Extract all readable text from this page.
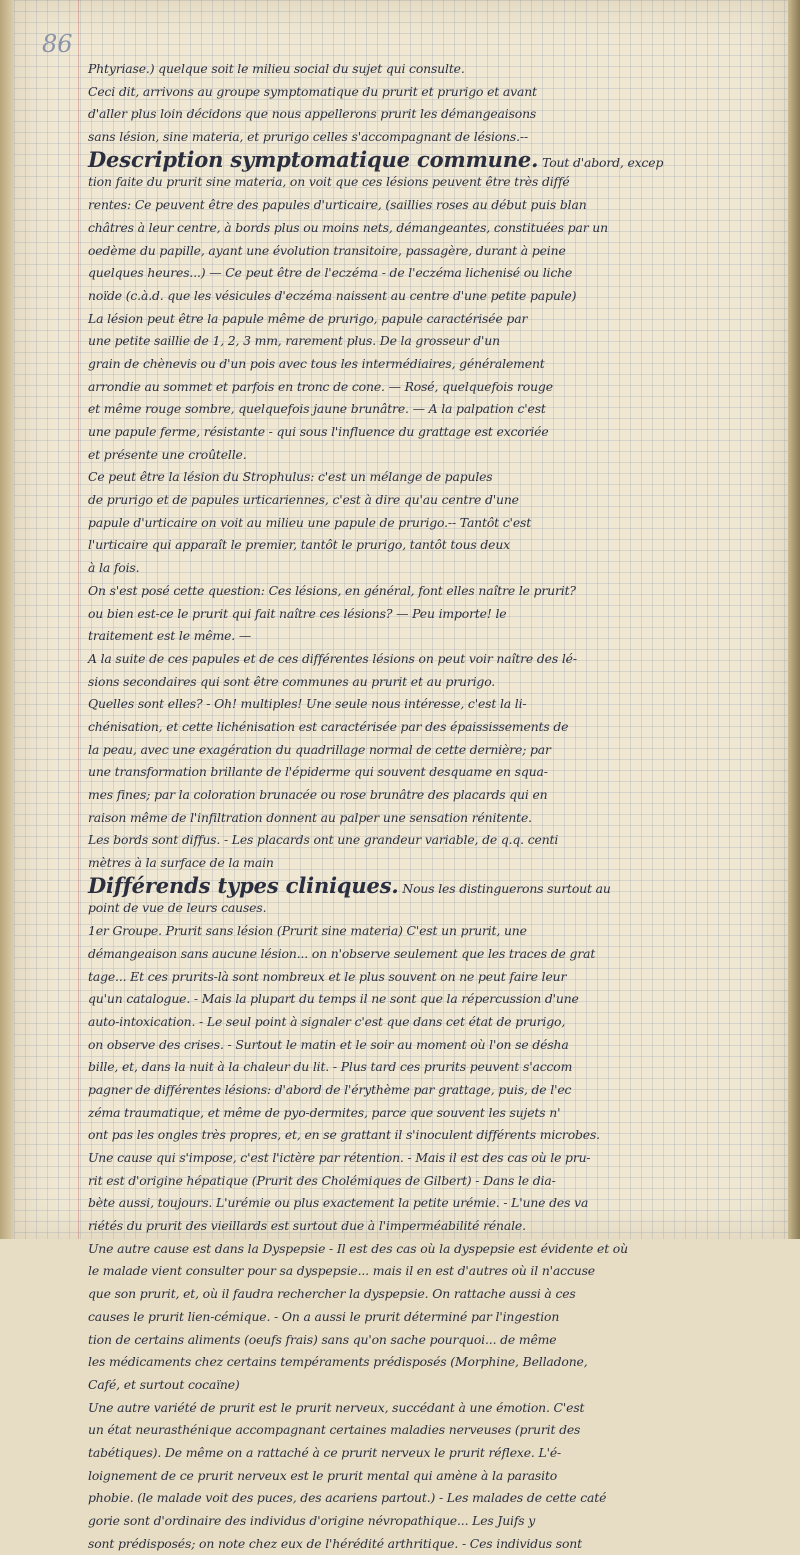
86
Phtyriase.) quelque soit le milieu social du sujet qui consulte.
Ceci dit, arrivons au groupe symptomatique du prurit et prurigo et avant
d'aller plus loin décidons que nous appellerons prurit les démangeaisons
sans lésion, sine materia, et prurigo celles s'accompagnant de lésions.--
Description symptomatique commune. Tout d'abord, excep
tion faite du prurit sine materia, on voit que ces lésions peuvent être très diffé
rentes: Ce peuvent être des papules d'urticaire, (saillies roses au début puis blan
châtres à leur centre, à bords plus ou moins nets, démangeantes, constituées par un
oedème du papille, ayant une évolution transitoire, passagère, durant à peine
quelques heures...) — Ce peut être de l'eczéma - de l'eczéma lichenisé ou liche
noïde (c.à.d. que les vésicules d'eczéma naissent au centre d'une petite papule)
La lésion peut être la papule même de prurigo, papule caractérisée par
une petite saillie de 1, 2, 3 mm, rarement plus. De la grosseur d'un
grain de chènevis ou d'un pois avec tous les intermédiaires, généralement
arrondie au sommet et parfois en tronc de cone. — Rosé, quelquefois rouge
et même rouge sombre, quelquefois jaune brunâtre. — A la palpation c'est
une papule ferme, résistante - qui sous l'influence du grattage est excoriée
et présente une croûtelle.
Ce peut être la lésion du Strophulus: c'est un mélange de papules
de prurigo et de papules urticariennes, c'est à dire qu'au centre d'une
papule d'urticaire on voit au milieu une papule de prurigo.-- Tantôt c'est
l'urticaire qui apparaît le premier, tantôt le prurigo, tantôt tous deux
à la fois.
On s'est posé cette question: Ces lésions, en général, font elles naître le prurit?
ou bien est-ce le prurit qui fait naître ces lésions? — Peu importe! le
traitement est le même. —
A la suite de ces papules et de ces différentes lésions on peut voir naître des lé-
sions secondaires qui sont être communes au prurit et au prurigo.
Quelles sont elles? - Oh! multiples! Une seule nous intéresse, c'est la li-
chénisation, et cette lichénisation est caractérisée par des épaississements de
la peau, avec une exagération du quadrillage normal de cette dernière; par
une transformation brillante de l'épiderme qui souvent desquame en squa-
mes fines; par la coloration brunacée ou rose brunâtre des placards qui en
raison même de l'infiltration donnent au palper une sensation rénitente.
Les bords sont diffus. - Les placards ont une grandeur variable, de q.q. centi
mètres à la surface de la main
Différends types cliniques. Nous les distinguerons surtout au
point de vue de leurs causes.
1er Groupe. Prurit sans lésion (Prurit sine materia) C'est un prurit, une
démangeaison sans aucune lésion... on n'observe seulement que les traces de grat
tage... Et ces prurits-là sont nombreux et le plus souvent on ne peut faire leur
qu'un catalogue. - Mais la plupart du temps il ne sont que la répercussion d'une
auto-intoxication. - Le seul point à signaler c'est que dans cet état de prurigo,
on observe des crises. - Surtout le matin et le soir au moment où l'on se désha
bille, et, dans la nuit à la chaleur du lit. - Plus tard ces prurits peuvent s'accom
pagner de différentes lésions: d'abord de l'érythème par grattage, puis, de l'ec
zéma traumatique, et même de pyo-dermites, parce que souvent les sujets n'
ont pas les ongles très propres, et, en se grattant il s'inoculent différents microbes.
Une cause qui s'impose, c'est l'ictère par rétention. - Mais il est des cas où le pru-
rit est d'origine hépatique (Prurit des Cholémiques de Gilbert) - Dans le dia-
bète aussi, toujours. L'urémie ou plus exactement la petite urémie. - L'une des va
riétés du prurit des vieillards est surtout due à l'imperméabilité rénale.
Une autre cause est dans la Dyspepsie - Il est des cas où la dyspepsie est évidente et où
le malade vient consulter pour sa dyspepsie... mais il en est d'autres où il n'accuse
que son prurit, et, où il faudra rechercher la dyspepsie. On rattache aussi à ces
causes le prurit lien-cémique. - On a aussi le prurit déterminé par l'ingestion
tion de certains aliments (oeufs frais) sans qu'on sache pourquoi... de même
les médicaments chez certains tempéraments prédisposés (Morphine, Belladone,
Café, et surtout cocaïne)
Une autre variété de prurit est le prurit nerveux, succédant à une émotion. C'est
un état neurasthénique accompagnant certaines maladies nerveuses (prurit des
tabétiques). De même on a rattaché à ce prurit nerveux le prurit réflexe. L'é-
loignement de ce prurit nerveux est le prurit mental qui amène à la parasito
phobie. (le malade voit des puces, des acariens partout.) - Les malades de cette caté
gorie sont d'ordinaire des individus d'origine névropathique... Les Juifs y
sont prédisposés; on note chez eux de l'hérédité arthritique. - Ces individus sont
